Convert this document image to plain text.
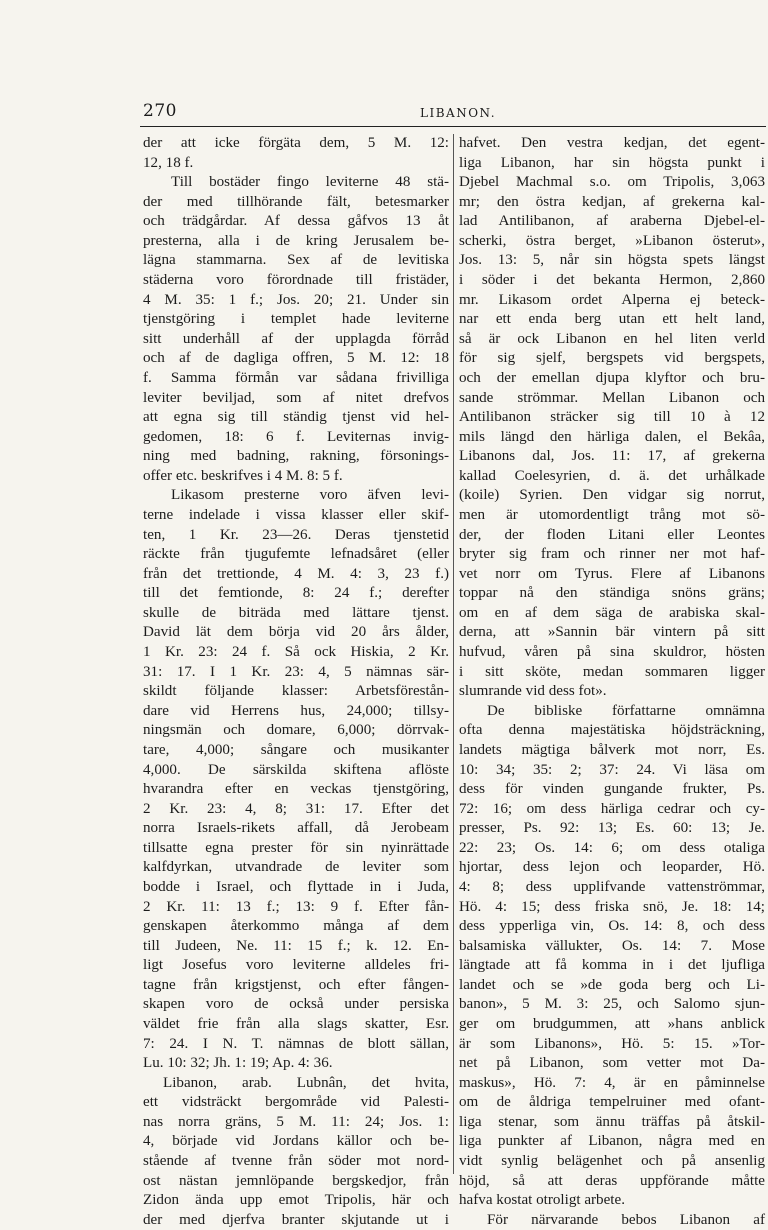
270	LIBANON.
der att icke förgäta dem, 5 M. 12:
12, 18 f.
Till bostäder fingo leviterne 48 stä-
der med tillhörande fält, betesmarker
och trädgårdar. Af dessa gåfvos 13 åt
presterna, alla i de kring Jerusalem be-
lägna stammarna. Sex af de levitiska
städerna voro förordnade till fristäder,
4 M. 35: 1 f.; Jos. 20; 21. Under sin
tjenstgöring i templet hade leviterne
sitt underhåll af der upplagda förråd
och af de dagliga offren, 5 M. 12: 18
f. Samma förmån var sådana frivilliga
leviter beviljad, som af nitet drefvos
att egna sig till ständig tjenst vid hel-
gedomen, 18: 6 f. Leviternas invig-
ning med badning, rakning, försonings-
offer etc. beskrifves i 4 M. 8: 5 f.
Likasom presterne voro äfven levi-
terne indelade i vissa klasser eller skif-
ten, 1 Kr. 23—26. Deras tjenstetid
räckte från tjugufemte lefnadsåret (eller
från det trettionde, 4 M. 4: 3, 23 f.)
till det femtionde, 8: 24 f.; derefter
skulle de biträda med lättare tjenst.
David lät dem börja vid 20 års ålder,
1 Kr. 23: 24 f. Så ock Hiskia, 2 Kr.
31: 17. I 1 Kr. 23: 4, 5 nämnas sär-
skildt följande klasser: Arbetsförestån-
dare vid Herrens hus, 24,000; tillsy-
ningsmän och domare, 6,000; dörrvak-
tare, 4,000; sångare och musikanter
4,000. De särskilda skiftena aflöste
hvarandra efter en veckas tjenstgöring,
2 Kr. 23: 4, 8; 31: 17. Efter det
norra Israels-rikets affall, då Jerobeam
tillsatte egna prester för sin nyinrättade
kalfdyrkan, utvandrade de leviter som
bodde i Israel, och flyttade in i Juda,
2 Kr. 11: 13 f.; 13: 9 f. Efter fån-
genskapen återkommo många af dem
till Judeen, Ne. 11: 15 f.; k. 12. En-
ligt Josefus voro leviterne alldeles fri-
tagne från krigstjenst, och efter fången-
skapen voro de också under persiska
väldet frie från alla slags skatter, Esr.
7: 24. I N. T. nämnas de blott sällan,
Lu. 10: 32; Jh. 1: 19; Ap. 4: 36.
Libanon, arab. Lubnân, det hvita,
ett vidsträckt bergområde vid Palesti-
nas norra gräns, 5 M. 11: 24; Jos. 1:
4, började vid Jordans källor och be-
stående af tvenne från söder mot nord-
ost nästan jemnlöpande bergskedjor, från
Zidon ända upp emot Tripolis, här och
der med djerfva branter skjutande ut i
hafvet. Den vestra kedjan, det egent-
liga Libanon, har sin högsta punkt i
Djebel Machmal s.o. om Tripolis, 3,063
mr; den östra kedjan, af grekerna kal-
lad Antilibanon, af araberna Djebel-el-
scherki, östra berget, »Libanon österut»,
Jos. 13: 5, når sin högsta spets längst
i söder i det bekanta Hermon, 2,860
mr. Likasom ordet Alperna ej beteck-
nar ett enda berg utan ett helt land,
så är ock Libanon en hel liten verld
för sig sjelf, bergspets vid bergspets,
och der emellan djupa klyftor och bru-
sande strömmar. Mellan Libanon och
Antilibanon sträcker sig till 10 à 12
mils längd den härliga dalen, el Bekâa,
Libanons dal, Jos. 11: 17, af grekerna
kallad Coelesyrien, d. ä. det urhålkade
(koile) Syrien. Den vidgar sig norrut,
men är utomordentligt trång mot sö-
der, der floden Litani eller Leontes
bryter sig fram och rinner ner mot haf-
vet norr om Tyrus. Flere af Libanons
toppar nå den ständiga snöns gräns;
om en af dem säga de arabiska skal-
derna, att »Sannin bär vintern på sitt
hufvud, våren på sina skuldror, hösten
i sitt sköte, medan sommaren ligger
slumrande vid dess fot».
De bibliske författarne omnämna
ofta denna majestätiska höjdsträckning,
landets mägtiga bålverk mot norr, Es.
10: 34; 35: 2; 37: 24. Vi läsa om
dess för vinden gungande frukter, Ps.
72: 16; om dess härliga cedrar och cy-
presser, Ps. 92: 13; Es. 60: 13; Je.
22: 23; Os. 14: 6; om dess otaliga
hjortar, dess lejon och leoparder, Hö.
4: 8; dess upplifvande vattenströmmar,
Hö. 4: 15; dess friska snö, Je. 18: 14;
dess ypperliga vin, Os. 14: 8, och dess
balsamiska vällukter, Os. 14: 7. Mose
längtade att få komma in i det ljufliga
landet och se »de goda berg och Li-
banon», 5 M. 3: 25, och Salomo sjun-
ger om brudgummen, att »hans anblick
är som Libanons», Hö. 5: 15. »Tor-
net på Libanon, som vetter mot Da-
maskus», Hö. 7: 4, är en påminnelse
om de åldriga tempelruiner med ofant-
liga stenar, som ännu träffas på åtskil-
liga punkter af Libanon, några med en
vidt synlig belägenhet och på ansenlig
höjd, så att deras uppförande måtte
hafva kostat otroligt arbete.
För närvarande bebos Libanon af
